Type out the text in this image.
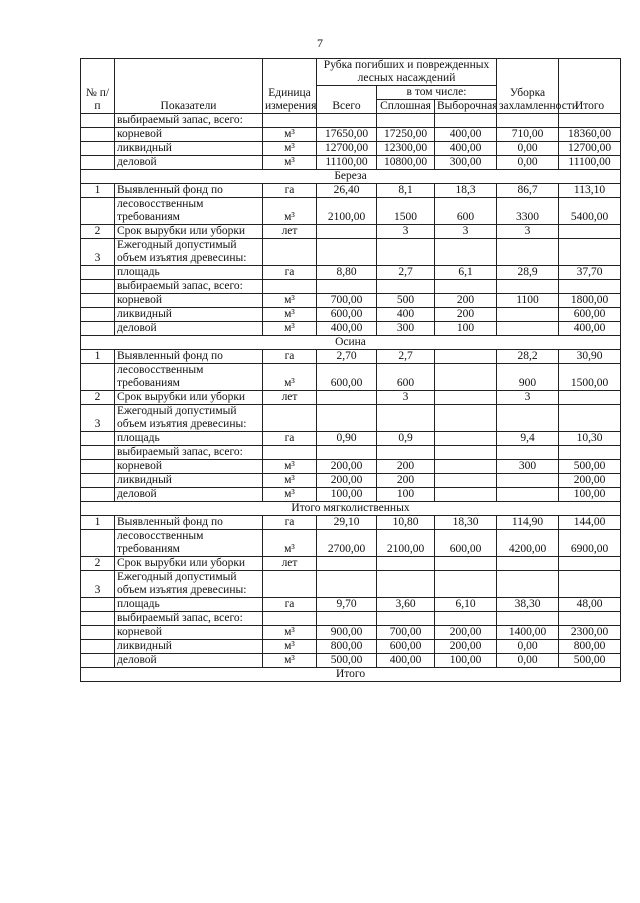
7
№ п/п	Показатели	Единица измерения	Рубка погибших и поврежденных лесных насаждений			Уборка захламленности	Итого
			Всего	в том числе:			
				Сплошная	Выборочная		
	выбираемый запас, всего:						
	корневой	м³	17650,00	17250,00	400,00	710,00	18360,00
	ликвидный	м³	12700,00	12300,00	400,00	0,00	12700,00
	деловой	м³	11100,00	10800,00	300,00	0,00	11100,00
Береза							
1	Выявленный фонд по	га	26,40	8,1	18,3	86,7	113,10
	лесовосственным требованиям	м³	2100,00	1500	600	3300	5400,00
2	Срок вырубки или уборки	лет		3	3	3	
3	Ежегодный допустимый объем изъятия древесины:						
	площадь	га	8,80	2,7	6,1	28,9	37,70
	выбираемый запас, всего:						
	корневой	м³	700,00	500	200	1100	1800,00
	ликвидный	м³	600,00	400	200		600,00
	деловой	м³	400,00	300	100		400,00
Осина							
1	Выявленный фонд по	га	2,70	2,7		28,2	30,90
	лесовосственным требованиям	м³	600,00	600		900	1500,00
2	Срок вырубки или уборки	лет		3		3	
3	Ежегодный допустимый объем изъятия древесины:						
	площадь	га	0,90	0,9		9,4	10,30
	выбираемый запас, всего:						
	корневой	м³	200,00	200		300	500,00
	ликвидный	м³	200,00	200			200,00
	деловой	м³	100,00	100			100,00
Итого мягколиственных							
1	Выявленный фонд по	га	29,10	10,80	18,30	114,90	144,00
	лесовосственным требованиям	м³	2700,00	2100,00	600,00	4200,00	6900,00
2	Срок вырубки или уборки	лет					
3	Ежегодный допустимый объем изъятия древесины:						
	площадь	га	9,70	3,60	6,10	38,30	48,00
	выбираемый запас, всего:						
	корневой	м³	900,00	700,00	200,00	1400,00	2300,00
	ликвидный	м³	800,00	600,00	200,00	0,00	800,00
	деловой	м³	500,00	400,00	100,00	0,00	500,00
Итого							
